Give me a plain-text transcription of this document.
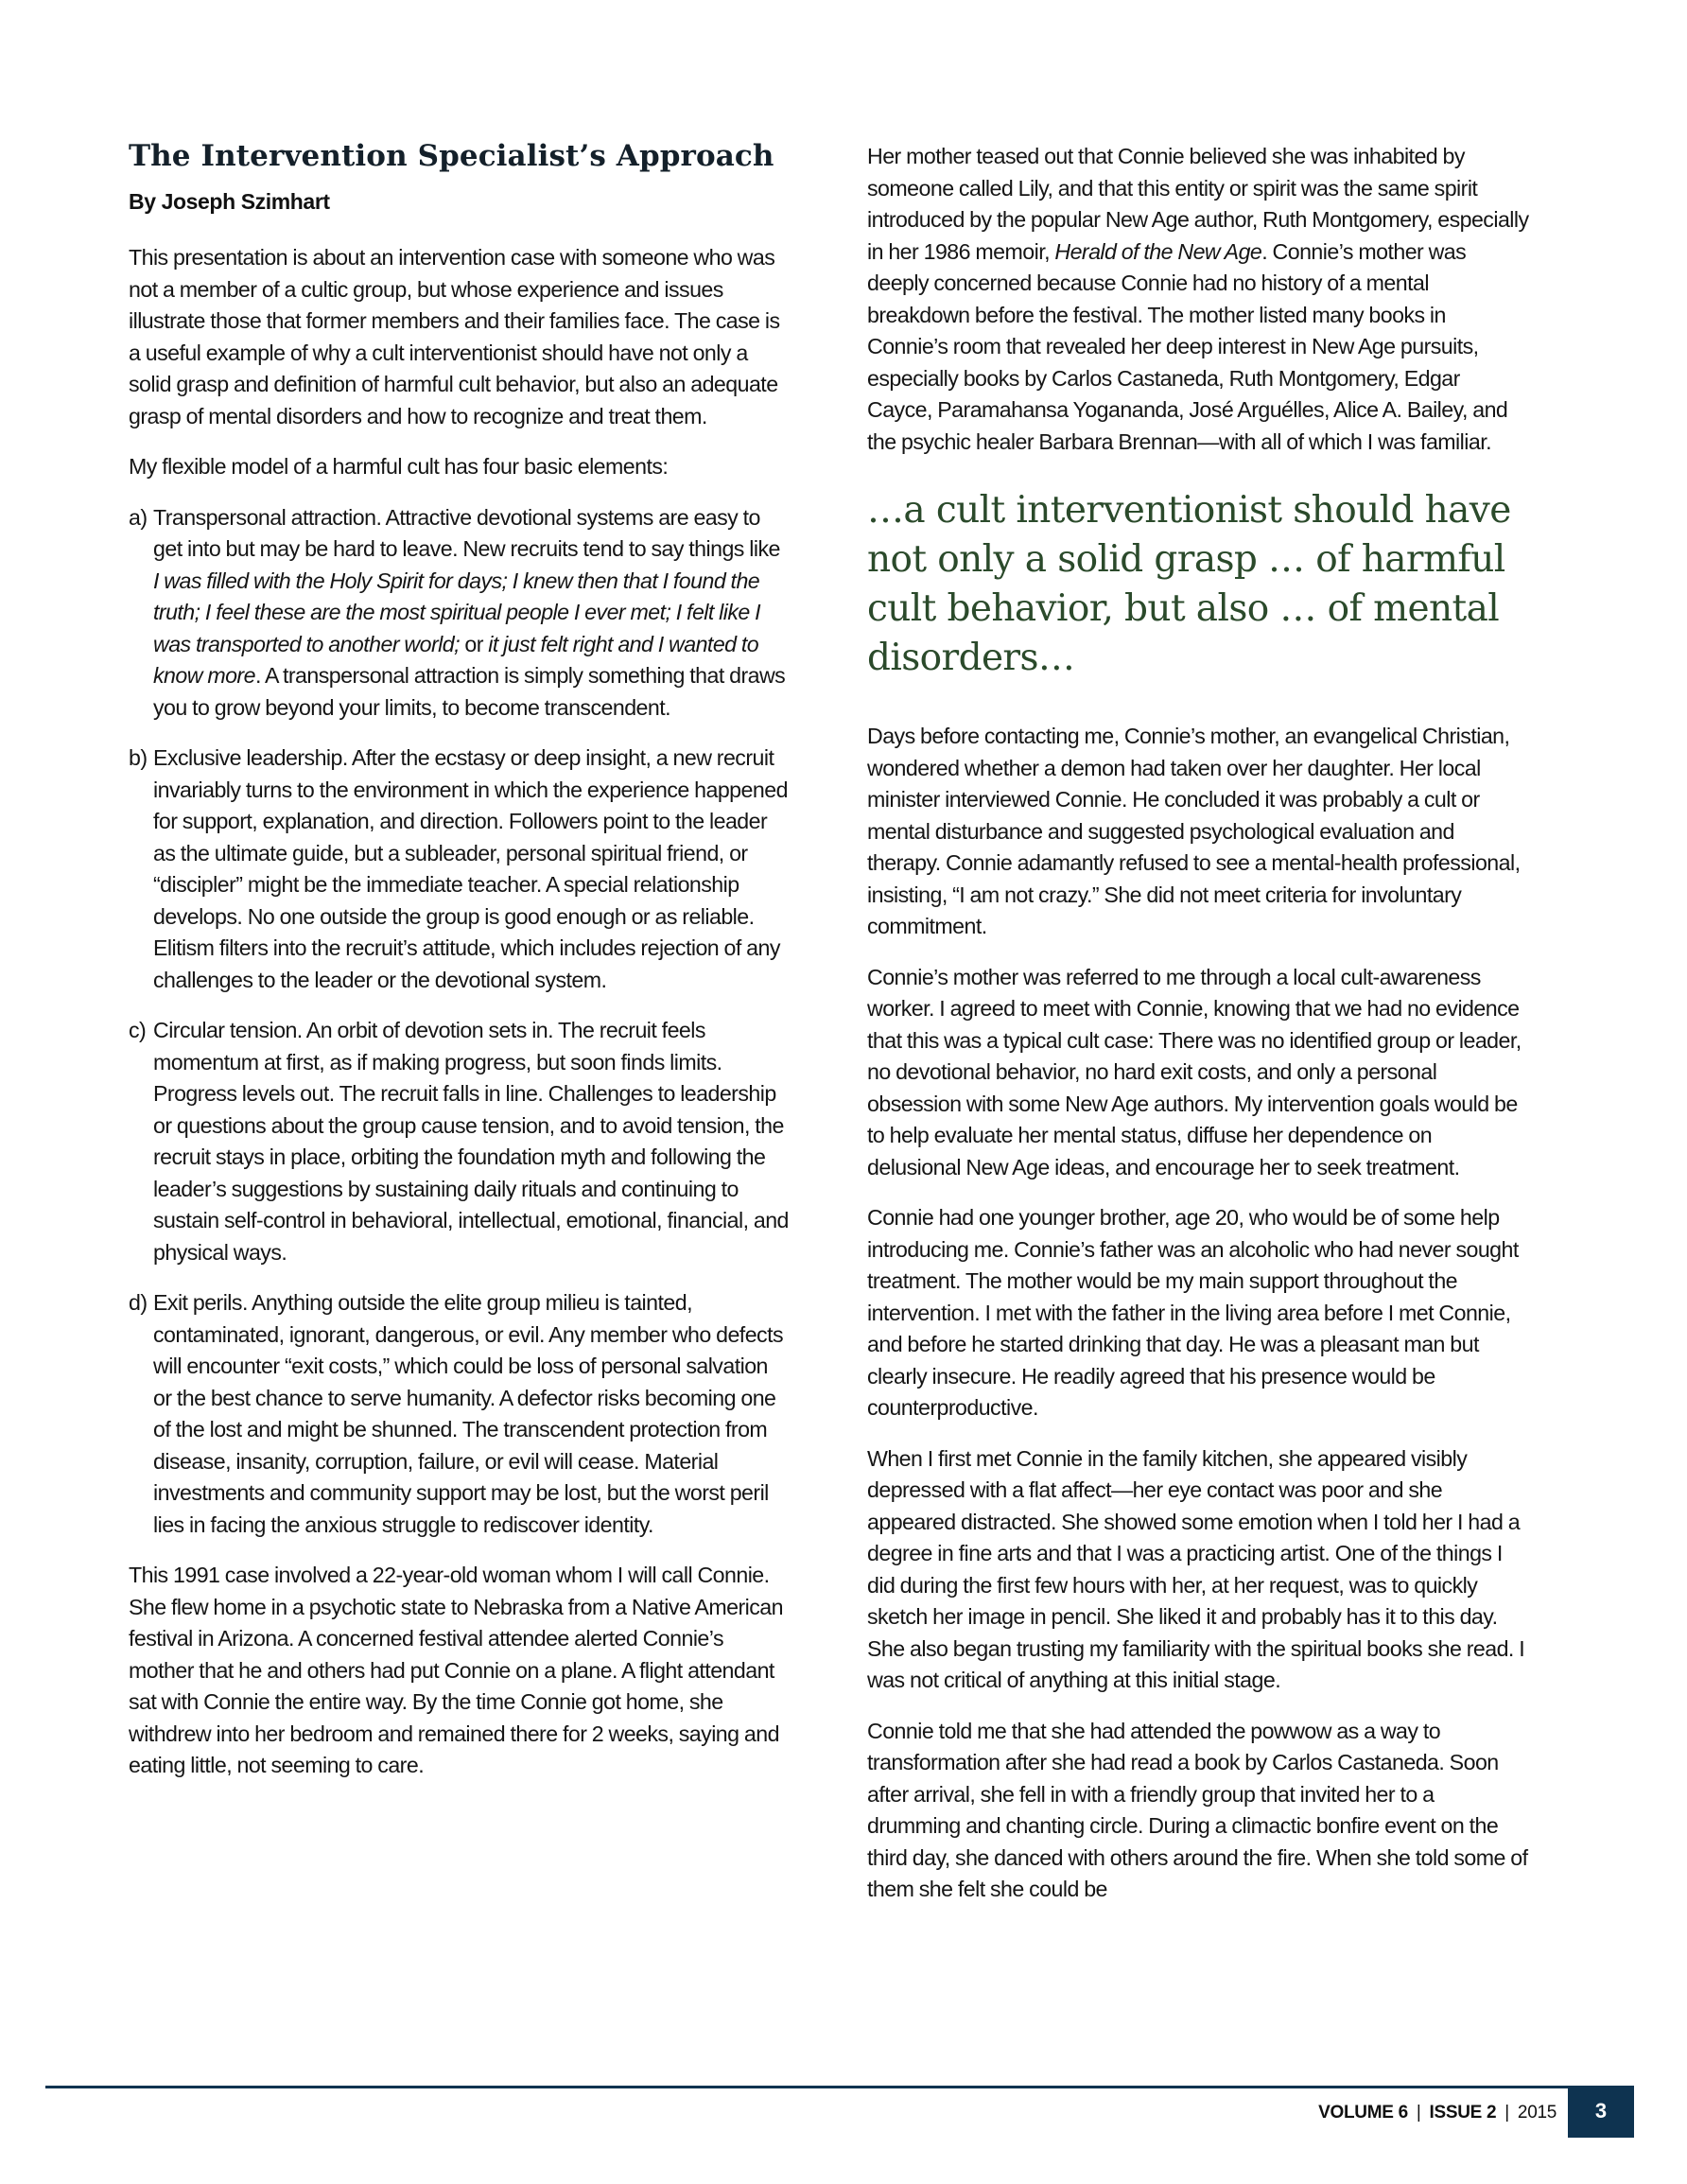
The Intervention Specialist’s Approach
By Joseph Szimhart

This presentation is about an intervention case with someone who was not a member of a cultic group, but whose experience and issues illustrate those that former members and their families face. The case is a useful example of why a cult interventionist should have not only a solid grasp and definition of harmful cult behavior, but also an adequate grasp of mental disorders and how to recognize and treat them.

My flexible model of a harmful cult has four basic elements:

a) Transpersonal attraction. Attractive devotional systems are easy to get into but may be hard to leave. New recruits tend to say things like I was filled with the Holy Spirit for days; I knew then that I found the truth; I feel these are the most spiritual people I ever met; I felt like I was transported to another world; or it just felt right and I wanted to know more. A transpersonal attraction is simply something that draws you to grow beyond your limits, to become transcendent.

b) Exclusive leadership. After the ecstasy or deep insight, a new recruit invariably turns to the environment in which the experience happened for support, explanation, and direction. Followers point to the leader as the ultimate guide, but a subleader, personal spiritual friend, or “discipler” might be the immediate teacher. A special relationship develops. No one outside the group is good enough or as reliable. Elitism filters into the recruit’s attitude, which includes rejection of any challenges to the leader or the devotional system.

c) Circular tension. An orbit of devotion sets in. The recruit feels momentum at first, as if making progress, but soon finds limits. Progress levels out. The recruit falls in line. Challenges to leadership or questions about the group cause tension, and to avoid tension, the recruit stays in place, orbiting the foundation myth and following the leader’s suggestions by sustaining daily rituals and continuing to sustain self-control in behavioral, intellectual, emotional, financial, and physical ways.

d) Exit perils. Anything outside the elite group milieu is tainted, contaminated, ignorant, dangerous, or evil. Any member who defects will encounter “exit costs,” which could be loss of personal salvation or the best chance to serve humanity. A defector risks becoming one of the lost and might be shunned. The transcendent protection from disease, insanity, corruption, failure, or evil will cease. Material investments and community support may be lost, but the worst peril lies in facing the anxious struggle to rediscover identity.

This 1991 case involved a 22-year-old woman whom I will call Connie. She flew home in a psychotic state to Nebraska from a Native American festival in Arizona. A concerned festival attendee alerted Connie’s mother that he and others had put Connie on a plane. A flight attendant sat with Connie the entire way. By the time Connie got home, she withdrew into her bedroom and remained there for 2 weeks, saying and eating little, not seeming to care.

Her mother teased out that Connie believed she was inhabited by someone called Lily, and that this entity or spirit was the same spirit introduced by the popular New Age author, Ruth Montgomery, especially in her 1986 memoir, Herald of the New Age. Connie’s mother was deeply concerned because Connie had no history of a mental breakdown before the festival. The mother listed many books in Connie’s room that revealed her deep interest in New Age pursuits, especially books by Carlos Castaneda, Ruth Montgomery, Edgar Cayce, Paramahansa Yogananda, José Arguélles, Alice A. Bailey, and the psychic healer Barbara Brennan—with all of which I was familiar.

…a cult interventionist should have not only a solid grasp … of harmful cult behavior, but also … of mental disorders…

Days before contacting me, Connie’s mother, an evangelical Christian, wondered whether a demon had taken over her daughter. Her local minister interviewed Connie. He concluded it was probably a cult or mental disturbance and suggested psychological evaluation and therapy. Connie adamantly refused to see a mental-health professional, insisting, “I am not crazy.” She did not meet criteria for involuntary commitment.

Connie’s mother was referred to me through a local cult-awareness worker. I agreed to meet with Connie, knowing that we had no evidence that this was a typical cult case: There was no identified group or leader, no devotional behavior, no hard exit costs, and only a personal obsession with some New Age authors. My intervention goals would be to help evaluate her mental status, diffuse her dependence on delusional New Age ideas, and encourage her to seek treatment.

Connie had one younger brother, age 20, who would be of some help introducing me. Connie’s father was an alcoholic who had never sought treatment. The mother would be my main support throughout the intervention. I met with the father in the living area before I met Connie, and before he started drinking that day. He was a pleasant man but clearly insecure. He readily agreed that his presence would be counterproductive.

When I first met Connie in the family kitchen, she appeared visibly depressed with a flat affect—her eye contact was poor and she appeared distracted. She showed some emotion when I told her I had a degree in fine arts and that I was a practicing artist. One of the things I did during the first few hours with her, at her request, was to quickly sketch her image in pencil. She liked it and probably has it to this day. She also began trusting my familiarity with the spiritual books she read. I was not critical of anything at this initial stage.

Connie told me that she had attended the powwow as a way to transformation after she had read a book by Carlos Castaneda. Soon after arrival, she fell in with a friendly group that invited her to a drumming and chanting circle. During a climactic bonfire event on the third day, she danced with others around the fire. When she told some of them she felt she could be

VOLUME 6 | ISSUE 2 | 2015	3
